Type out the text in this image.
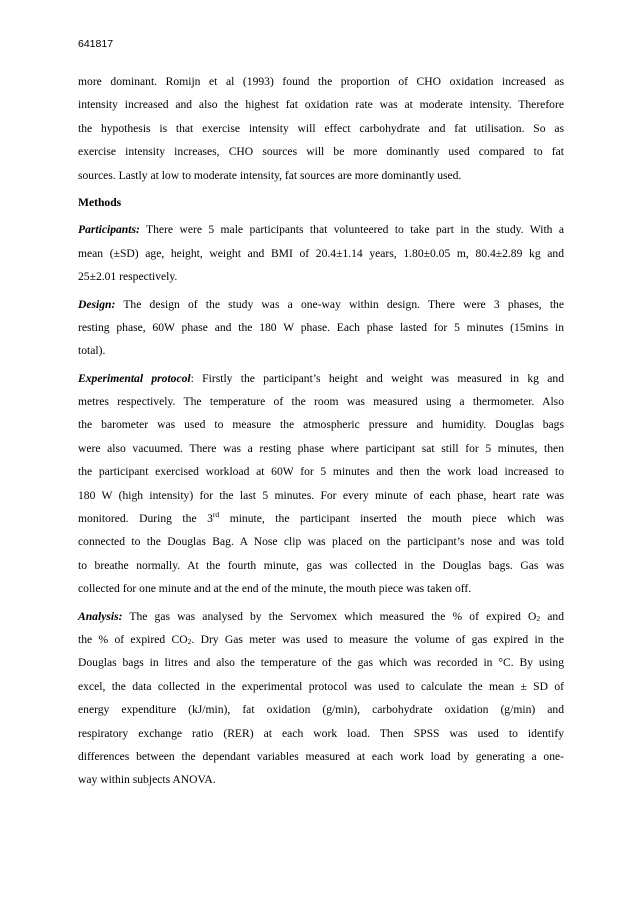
641817
more dominant. Romijn et al (1993) found the proportion of CHO oxidation increased as
intensity increased and also the highest fat oxidation rate was at moderate intensity. Therefore
the hypothesis is that exercise intensity will effect carbohydrate and fat utilisation. So as
exercise intensity increases, CHO sources will be more dominantly used compared to fat
sources. Lastly at low to moderate intensity, fat sources are more dominantly used.
Methods
Participants: There were 5 male participants that volunteered to take part in the study. With a
mean (±SD) age, height, weight and BMI of 20.4±1.14 years, 1.80±0.05 m, 80.4±2.89 kg and
25±2.01 respectively.
Design: The design of the study was a one-way within design. There were 3 phases, the
resting phase, 60W phase and the 180 W phase. Each phase lasted for 5 minutes (15mins in
total).
Experimental protocol: Firstly the participant’s height and weight was measured in kg and
metres respectively. The temperature of the room was measured using a thermometer. Also
the barometer was used to measure the atmospheric pressure and humidity. Douglas bags
were also vacuumed. There was a resting phase where participant sat still for 5 minutes, then
the participant exercised workload at 60W for 5 minutes and then the work load increased to
180 W (high intensity) for the last 5 minutes. For every minute of each phase, heart rate was
monitored. During the 3rd minute, the participant inserted the mouth piece which was
connected to the Douglas Bag. A Nose clip was placed on the participant’s nose and was told
to breathe normally. At the fourth minute, gas was collected in the Douglas bags. Gas was
collected for one minute and at the end of the minute, the mouth piece was taken off.
Analysis: The gas was analysed by the Servomex which measured the % of expired $O_2$ and
the % of expired $CO_2$. Dry Gas meter was used to measure the volume of gas expired in the
Douglas bags in litres and also the temperature of the gas which was recorded in °C. By using
excel, the data collected in the experimental protocol was used to calculate the mean ± SD of
energy expenditure (kJ/min), fat oxidation (g/min), carbohydrate oxidation (g/min) and
respiratory exchange ratio (RER) at each work load. Then SPSS was used to identify
differences between the dependant variables measured at each work load by generating a one-
way within subjects ANOVA.
